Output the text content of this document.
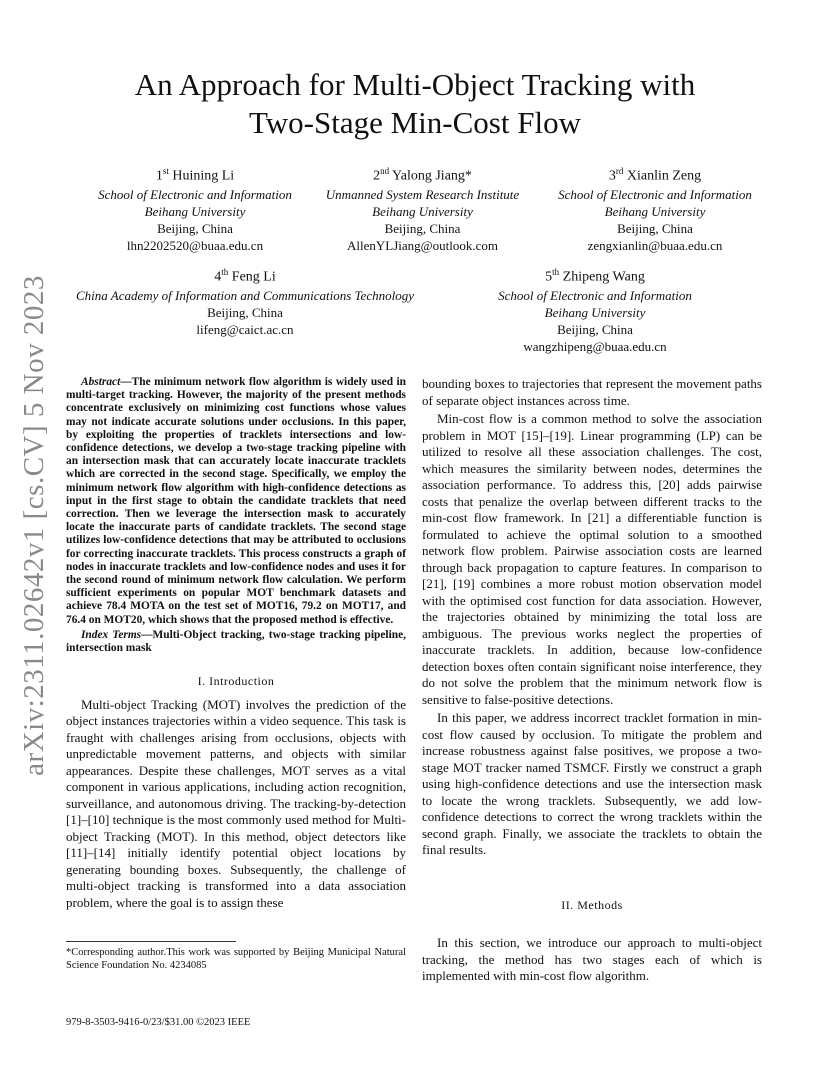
arXiv:2311.02642v1 [cs.CV] 5 Nov 2023
An Approach for Multi-Object Tracking with
Two-Stage Min-Cost Flow
1st Huining Li
School of Electronic and Information
Beihang University
Beijing, China
lhn2202520@buaa.edu.cn
2nd Yalong Jiang*
Unmanned System Research Institute
Beihang University
Beijing, China
AllenYLJiang@outlook.com
3rd Xianlin Zeng
School of Electronic and Information
Beihang University
Beijing, China
zengxianlin@buaa.edu.cn
4th Feng Li
China Academy of Information and Communications Technology
Beijing, China
lifeng@caict.ac.cn
5th Zhipeng Wang
School of Electronic and Information
Beihang University
Beijing, China
wangzhipeng@buaa.edu.cn

Abstract—The minimum network flow algorithm is widely used in multi-target tracking. However, the majority of the present methods concentrate exclusively on minimizing cost functions whose values may not indicate accurate solutions under occlusions. In this paper, by exploiting the properties of tracklets intersections and low-confidence detections, we develop a two-stage tracking pipeline with an intersection mask that can accurately locate inaccurate tracklets which are corrected in the second stage. Specifically, we employ the minimum network flow algorithm with high-confidence detections as input in the first stage to obtain the candidate tracklets that need correction. Then we leverage the intersection mask to accurately locate the inaccurate parts of candidate tracklets. The second stage utilizes low-confidence detections that may be attributed to occlusions for correcting inaccurate tracklets. This process constructs a graph of nodes in inaccurate tracklets and low-confidence nodes and uses it for the second round of minimum network flow calculation. We perform sufficient experiments on popular MOT benchmark datasets and achieve 78.4 MOTA on the test set of MOT16, 79.2 on MOT17, and 76.4 on MOT20, which shows that the proposed method is effective.

Index Terms—Multi-Object tracking, two-stage tracking pipeline, intersection mask

I. Introduction

Multi-object Tracking (MOT) involves the prediction of the object instances trajectories within a video sequence. This task is fraught with challenges arising from occlusions, objects with unpredictable movement patterns, and objects with similar appearances. Despite these challenges, MOT serves as a vital component in various applications, including action recognition, surveillance, and autonomous driving. The tracking-by-detection [1]–[10] technique is the most commonly used method for Multi-object Tracking (MOT). In this method, object detectors like [11]–[14] initially identify potential object locations by generating bounding boxes. Subsequently, the challenge of multi-object tracking is transformed into a data association problem, where the goal is to assign these

bounding boxes to trajectories that represent the movement paths of separate object instances across time.

Min-cost flow is a common method to solve the association problem in MOT [15]–[19]. Linear programming (LP) can be utilized to resolve all these association challenges. The cost, which measures the similarity between nodes, determines the association performance. To address this, [20] adds pairwise costs that penalize the overlap between different tracks to the min-cost flow framework. In [21] a differentiable function is formulated to achieve the optimal solution to a smoothed network flow problem. Pairwise association costs are learned through back propagation to capture features. In comparison to [21], [19] combines a more robust motion observation model with the optimised cost function for data association. However, the trajectories obtained by minimizing the total loss are ambiguous. The previous works neglect the properties of inaccurate tracklets. In addition, because low-confidence detection boxes often contain significant noise interference, they do not solve the problem that the minimum network flow is sensitive to false-positive detections.

In this paper, we address incorrect tracklet formation in min-cost flow caused by occlusion. To mitigate the problem and increase robustness against false positives, we propose a two-stage MOT tracker named TSMCF. Firstly we construct a graph using high-confidence detections and use the intersection mask to locate the wrong tracklets. Subsequently, we add low-confidence detections to correct the wrong tracklets within the second graph. Finally, we associate the tracklets to obtain the final results.

II. Methods

In this section, we introduce our approach to multi-object tracking, the method has two stages each of which is implemented with min-cost flow algorithm.

*Corresponding author.This work was supported by Beijing Municipal Natural Science Foundation No. 4234085
979-8-3503-9416-0/23/$31.00 ©2023 IEEE
